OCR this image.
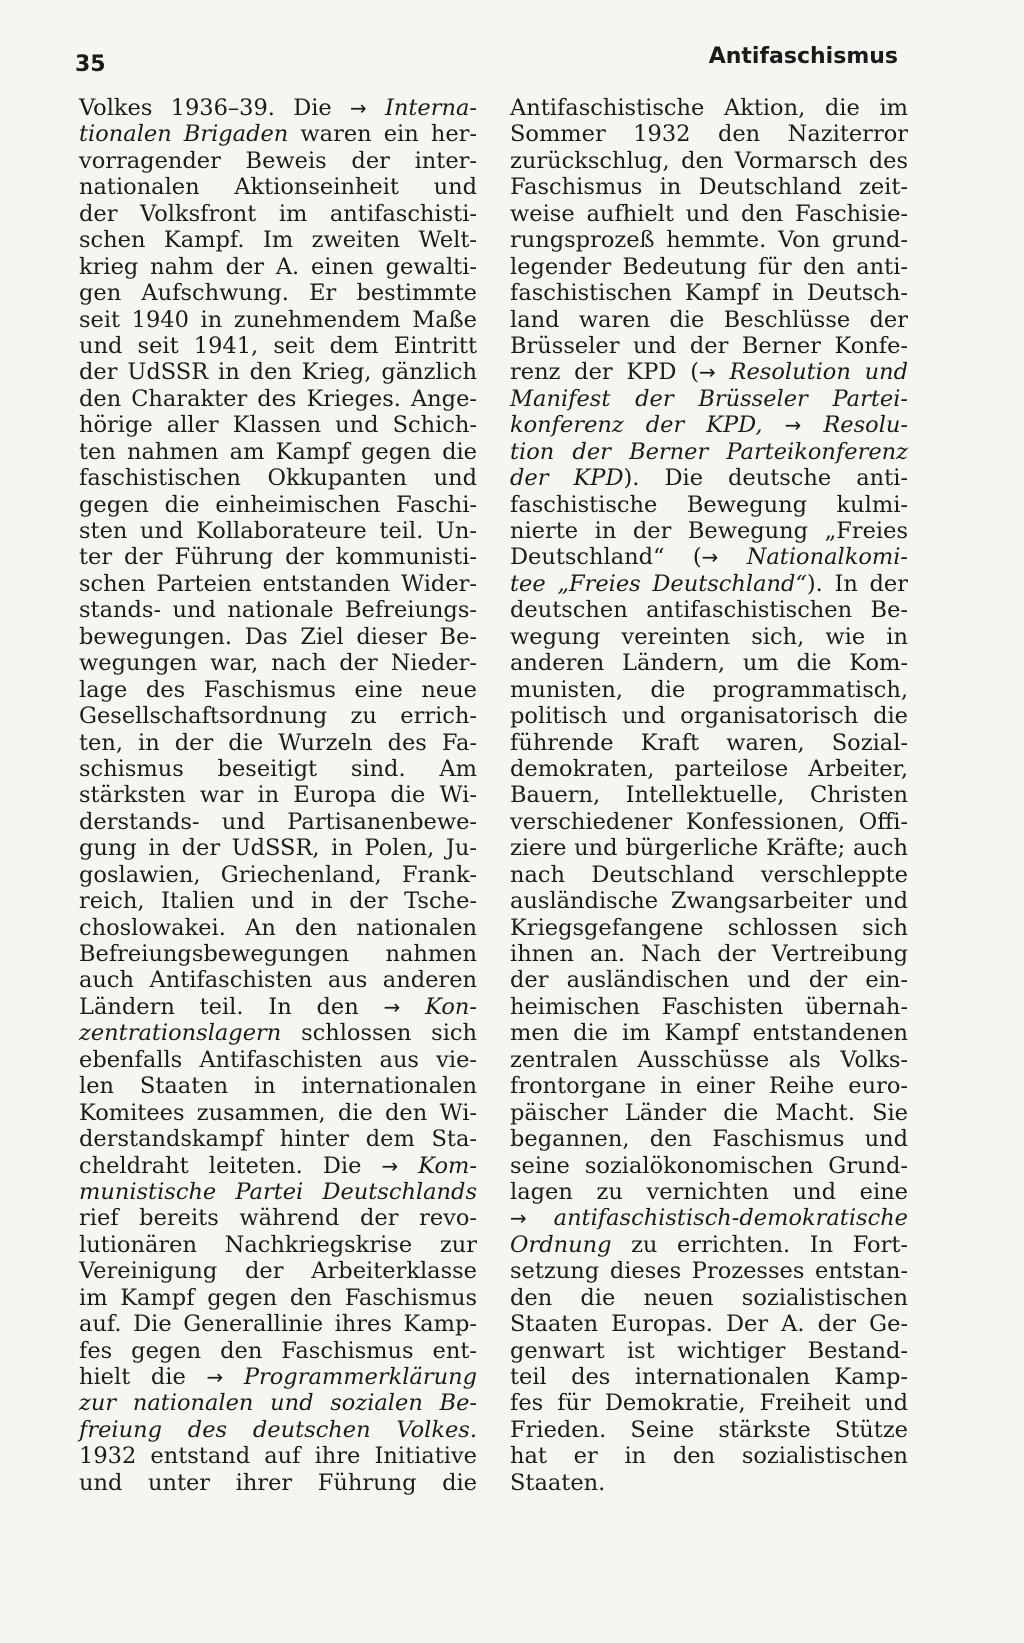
35	Antifaschismus
Volkes 1936–39. Die → Interna-
tionalen Brigaden waren ein her-
vorragender Beweis der inter-
nationalen Aktionseinheit und
der Volksfront im antifaschisti-
schen Kampf. Im zweiten Welt-
krieg nahm der A. einen gewalti-
gen Aufschwung. Er bestimmte
seit 1940 in zunehmendem Maße
und seit 1941, seit dem Eintritt
der UdSSR in den Krieg, gänzlich
den Charakter des Krieges. Ange-
hörige aller Klassen und Schich-
ten nahmen am Kampf gegen die
faschistischen Okkupanten und
gegen die einheimischen Faschi-
sten und Kollaborateure teil. Un-
ter der Führung der kommunisti-
schen Parteien entstanden Wider-
stands- und nationale Befreiungs-
bewegungen. Das Ziel dieser Be-
wegungen war, nach der Nieder-
lage des Faschismus eine neue
Gesellschaftsordnung zu errich-
ten, in der die Wurzeln des Fa-
schismus beseitigt sind. Am
stärksten war in Europa die Wi-
derstands- und Partisanenbewe-
gung in der UdSSR, in Polen, Ju-
goslawien, Griechenland, Frank-
reich, Italien und in der Tsche-
choslowakei. An den nationalen
Befreiungsbewegungen nahmen
auch Antifaschisten aus anderen
Ländern teil. In den → Kon-
zentrationslagern schlossen sich
ebenfalls Antifaschisten aus vie-
len Staaten in internationalen
Komitees zusammen, die den Wi-
derstandskampf hinter dem Sta-
cheldraht leiteten. Die → Kom-
munistische Partei Deutschlands
rief bereits während der revo-
lutionären Nachkriegskrise zur
Vereinigung der Arbeiterklasse
im Kampf gegen den Faschismus
auf. Die Generallinie ihres Kamp-
fes gegen den Faschismus ent-
hielt die → Programmerklärung
zur nationalen und sozialen Be-
freiung des deutschen Volkes.
1932 entstand auf ihre Initiative
und unter ihrer Führung die
Antifaschistische Aktion, die im
Sommer 1932 den Naziterror
zurückschlug, den Vormarsch des
Faschismus in Deutschland zeit-
weise aufhielt und den Faschisie-
rungsprozeß hemmte. Von grund-
legender Bedeutung für den anti-
faschistischen Kampf in Deutsch-
land waren die Beschlüsse der
Brüsseler und der Berner Konfe-
renz der KPD (→ Resolution und
Manifest der Brüsseler Partei-
konferenz der KPD, → Resolu-
tion der Berner Parteikonferenz
der KPD). Die deutsche anti-
faschistische Bewegung kulmi-
nierte in der Bewegung „Freies
Deutschland“ (→ Nationalkomi-
tee „Freies Deutschland“). In der
deutschen antifaschistischen Be-
wegung vereinten sich, wie in
anderen Ländern, um die Kom-
munisten, die programmatisch,
politisch und organisatorisch die
führende Kraft waren, Sozial-
demokraten, parteilose Arbeiter,
Bauern, Intellektuelle, Christen
verschiedener Konfessionen, Offi-
ziere und bürgerliche Kräfte; auch
nach Deutschland verschleppte
ausländische Zwangsarbeiter und
Kriegsgefangene schlossen sich
ihnen an. Nach der Vertreibung
der ausländischen und der ein-
heimischen Faschisten übernah-
men die im Kampf entstandenen
zentralen Ausschüsse als Volks-
frontorgane in einer Reihe euro-
päischer Länder die Macht. Sie
begannen, den Faschismus und
seine sozialökonomischen Grund-
lagen zu vernichten und eine
→ antifaschistisch-demokratische
Ordnung zu errichten. In Fort-
setzung dieses Prozesses entstan-
den die neuen sozialistischen
Staaten Europas. Der A. der Ge-
genwart ist wichtiger Bestand-
teil des internationalen Kamp-
fes für Demokratie, Freiheit und
Frieden. Seine stärkste Stütze
hat er in den sozialistischen
Staaten.
